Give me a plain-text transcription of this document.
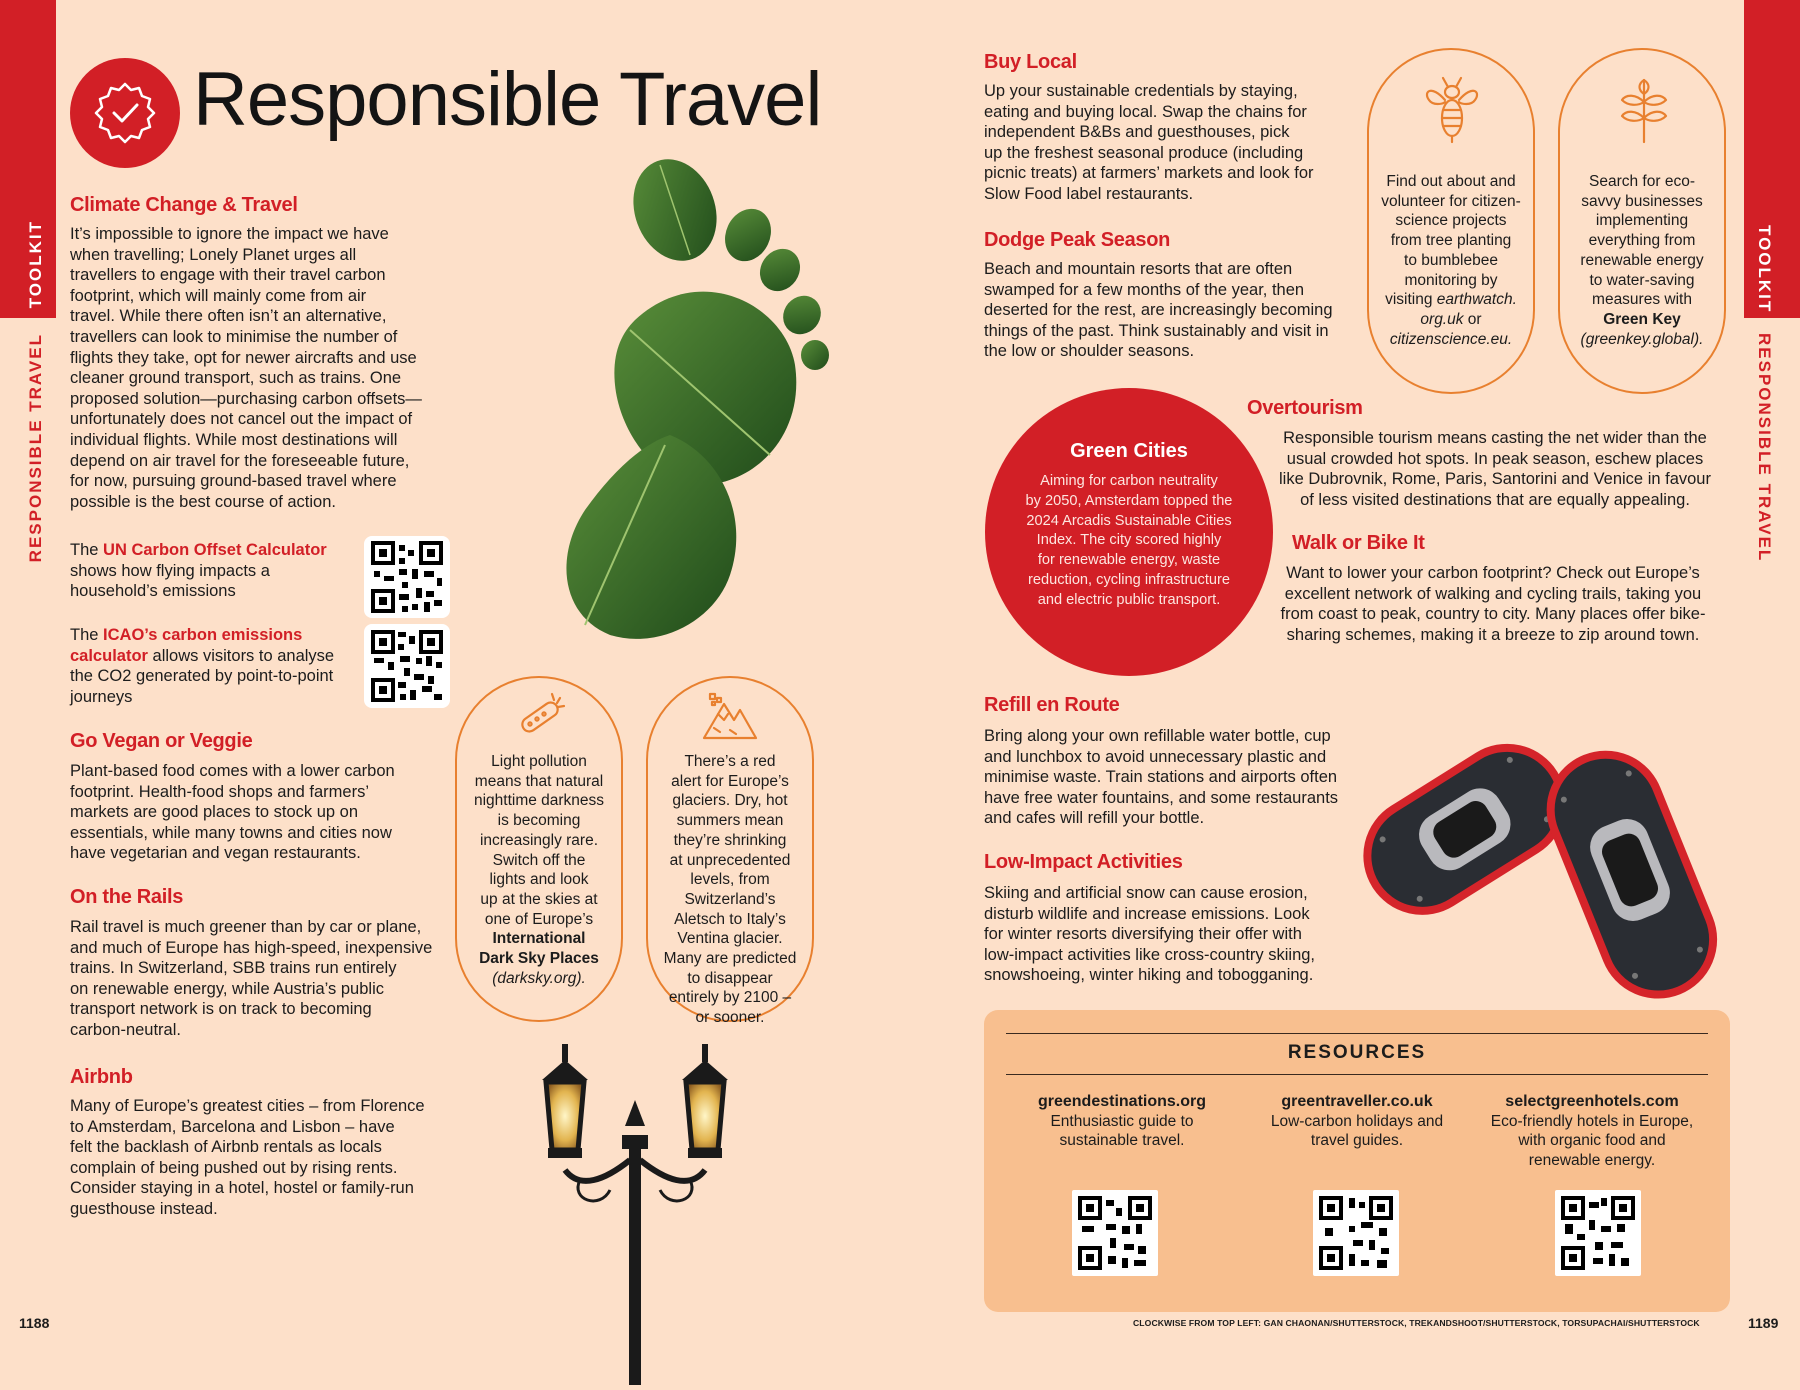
TOOLKIT
RESPONSIBLE TRAVEL
TOOLKIT
RESPONSIBLE TRAVEL
Responsible Travel
Climate Change & Travel
It’s impossible to ignore the impact we have
when travelling; Lonely Planet urges all
travellers to engage with their travel carbon
footprint, which will mainly come from air
travel. While there often isn’t an alternative,
travellers can look to minimise the number of
flights they take, opt for newer aircrafts and use
cleaner ground transport, such as trains. One
proposed solution—purchasing carbon offsets—
unfortunately does not cancel out the impact of
individual flights. While most destinations will
depend on air travel for the foreseeable future,
for now, pursuing ground-based travel where
possible is the best course of action.
The UN Carbon Offset Calculator
shows how flying impacts a
household’s emissions
The ICAO’s carbon emissions
calculator allows visitors to analyse
the CO2 generated by point-to-point
journeys
Go Vegan or Veggie
Plant-based food comes with a lower carbon
footprint. Health-food shops and farmers’
markets are good places to stock up on
essentials, while many towns and cities now
have vegetarian and vegan restaurants.
On the Rails
Rail travel is much greener than by car or plane,
and much of Europe has high-speed, inexpensive
trains. In Switzerland, SBB trains run entirely
on renewable energy, while Austria’s public
transport network is on track to becoming
carbon-neutral.
Airbnb
Many of Europe’s greatest cities – from Florence
to Amsterdam, Barcelona and Lisbon – have
felt the backlash of Airbnb rentals as locals
complain of being pushed out by rising rents.
Consider staying in a hotel, hostel or family-run
guesthouse instead.
Light pollution
means that natural
nighttime darkness
is becoming
increasingly rare.
Switch off the
lights and look
up at the skies at
one of Europe’s
International
Dark Sky Places
(darksky.org).
There’s a red
alert for Europe’s
glaciers. Dry, hot
summers mean
they’re shrinking
at unprecedented
levels, from
Switzerland’s
Aletsch to Italy’s
Ventina glacier.
Many are predicted
to disappear
entirely by 2100 –
or sooner.
Buy Local
Up your sustainable credentials by staying,
eating and buying local. Swap the chains for
independent B&Bs and guesthouses, pick
up the freshest seasonal produce (including
picnic treats) at farmers’ markets and look for
Slow Food label restaurants.
Dodge Peak Season
Beach and mountain resorts that are often
swamped for a few months of the year, then
deserted for the rest, are increasingly becoming
things of the past. Think sustainably and visit in
the low or shoulder seasons.
Find out about and
volunteer for citizen-
science projects
from tree planting
to bumblebee
monitoring by
visiting earthwatch.
org.uk or
citizenscience.eu.
Search for eco-
savvy businesses
implementing
everything from
renewable energy
to water-saving
measures with
Green Key
(greenkey.global).
Green Cities
Aiming for carbon neutrality
by 2050, Amsterdam topped the
2024 Arcadis Sustainable Cities
Index. The city scored highly
for renewable energy, waste
reduction, cycling infrastructure
and electric public transport.
Overtourism
Responsible tourism means casting the net wider than the
usual crowded hot spots. In peak season, eschew places
like Dubrovnik, Rome, Paris, Santorini and Venice in favour
of less visited destinations that are equally appealing.
Walk or Bike It
Want to lower your carbon footprint? Check out Europe’s
excellent network of walking and cycling trails, taking you
from coast to peak, country to city. Many places offer bike-
sharing schemes, making it a breeze to zip around town.
Refill en Route
Bring along your own refillable water bottle, cup
and lunchbox to avoid unnecessary plastic and
minimise waste. Train stations and airports often
have free water fountains, and some restaurants
and cafes will refill your bottle.
Low-Impact Activities
Skiing and artificial snow can cause erosion,
disturb wildlife and increase emissions. Look
for winter resorts diversifying their offer with
low-impact activities like cross-country skiing,
snowshoeing, winter hiking and tobogganing.
RESOURCES
greendestinations.org
Enthusiastic guide to
sustainable travel.
greentraveller.co.uk
Low-carbon holidays and
travel guides.
selectgreenhotels.com
Eco-friendly hotels in Europe,
with organic food and
renewable energy.
1188	1189
CLOCKWISE FROM TOP LEFT: GAN CHAONAN/SHUTTERSTOCK, TREKANDSHOOT/SHUTTERSTOCK, TORSUPACHAI/SHUTTERSTOCK
